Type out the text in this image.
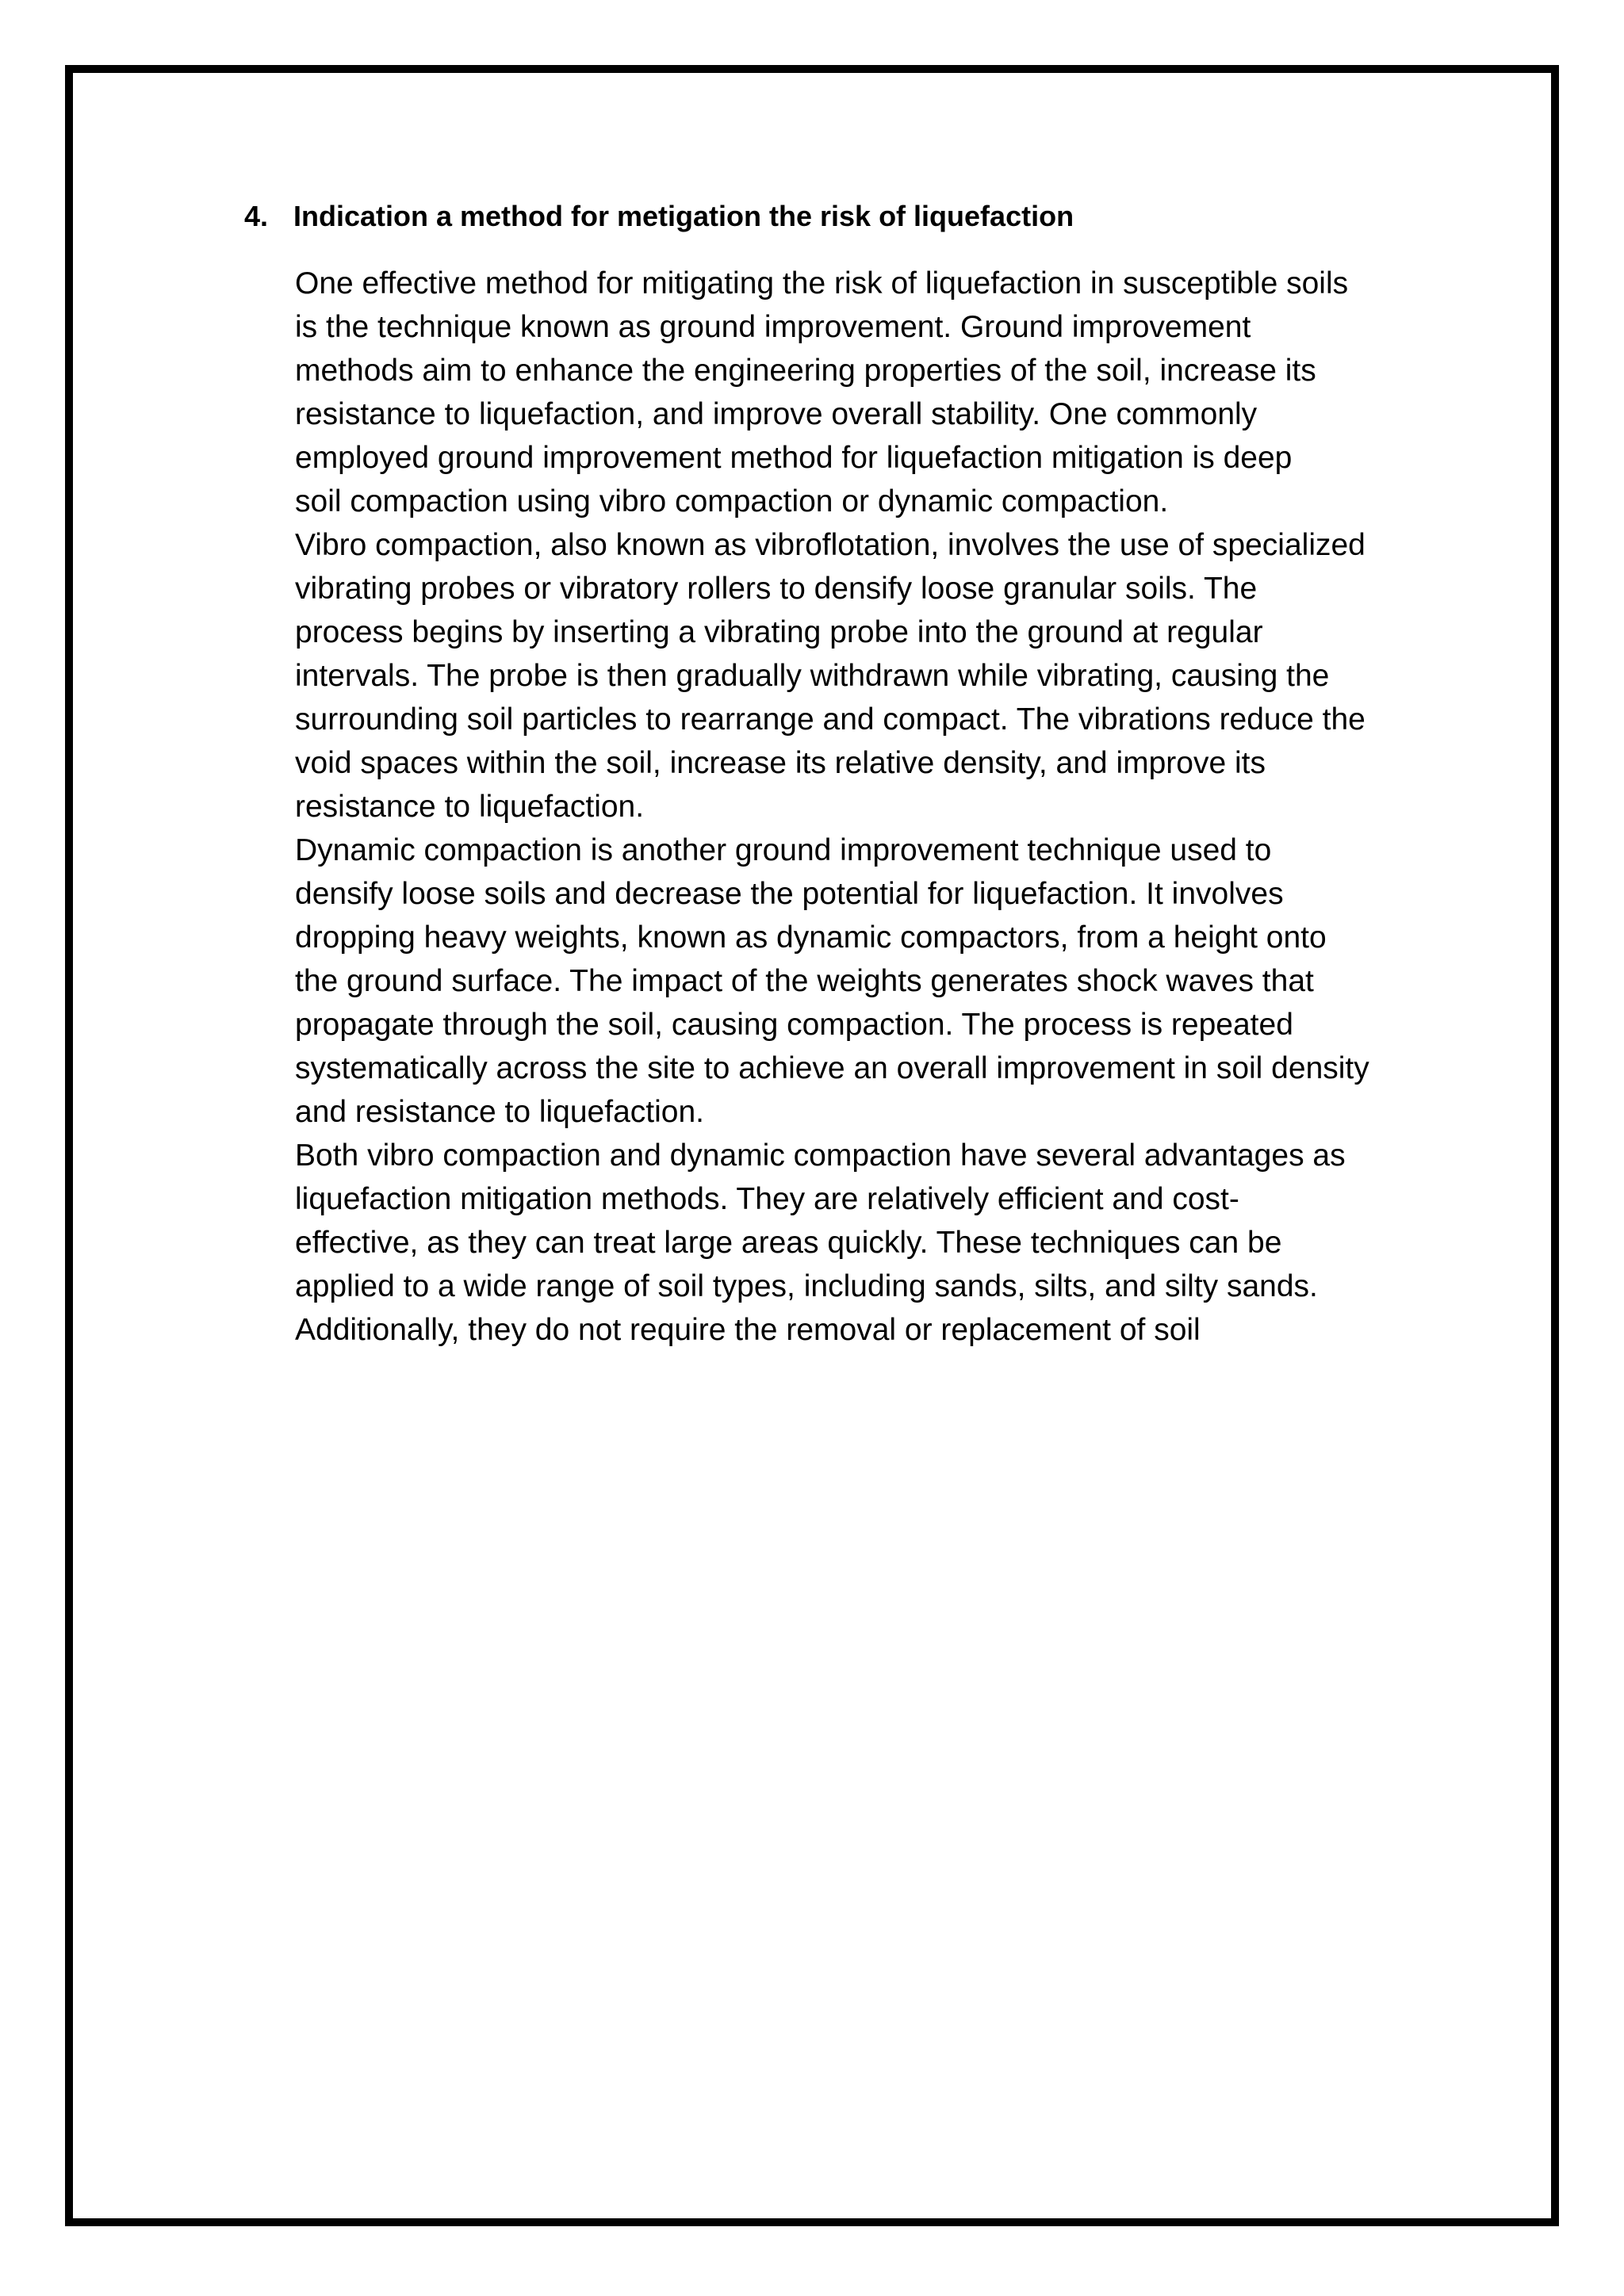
4. Indication a method for metigation the risk of liquefaction
One effective method for mitigating the risk of liquefaction in susceptible soils
is the technique known as ground improvement. Ground improvement
methods aim to enhance the engineering properties of the soil, increase its
resistance to liquefaction, and improve overall stability. One commonly
employed ground improvement method for liquefaction mitigation is deep
soil compaction using vibro compaction or dynamic compaction.
Vibro compaction, also known as vibroflotation, involves the use of specialized
vibrating probes or vibratory rollers to densify loose granular soils. The
process begins by inserting a vibrating probe into the ground at regular
intervals. The probe is then gradually withdrawn while vibrating, causing the
surrounding soil particles to rearrange and compact. The vibrations reduce the
void spaces within the soil, increase its relative density, and improve its
resistance to liquefaction.
Dynamic compaction is another ground improvement technique used to
densify loose soils and decrease the potential for liquefaction. It involves
dropping heavy weights, known as dynamic compactors, from a height onto
the ground surface. The impact of the weights generates shock waves that
propagate through the soil, causing compaction. The process is repeated
systematically across the site to achieve an overall improvement in soil density
and resistance to liquefaction.
Both vibro compaction and dynamic compaction have several advantages as
liquefaction mitigation methods. They are relatively efficient and cost-
effective, as they can treat large areas quickly. These techniques can be
applied to a wide range of soil types, including sands, silts, and silty sands.
Additionally, they do not require the removal or replacement of soil
